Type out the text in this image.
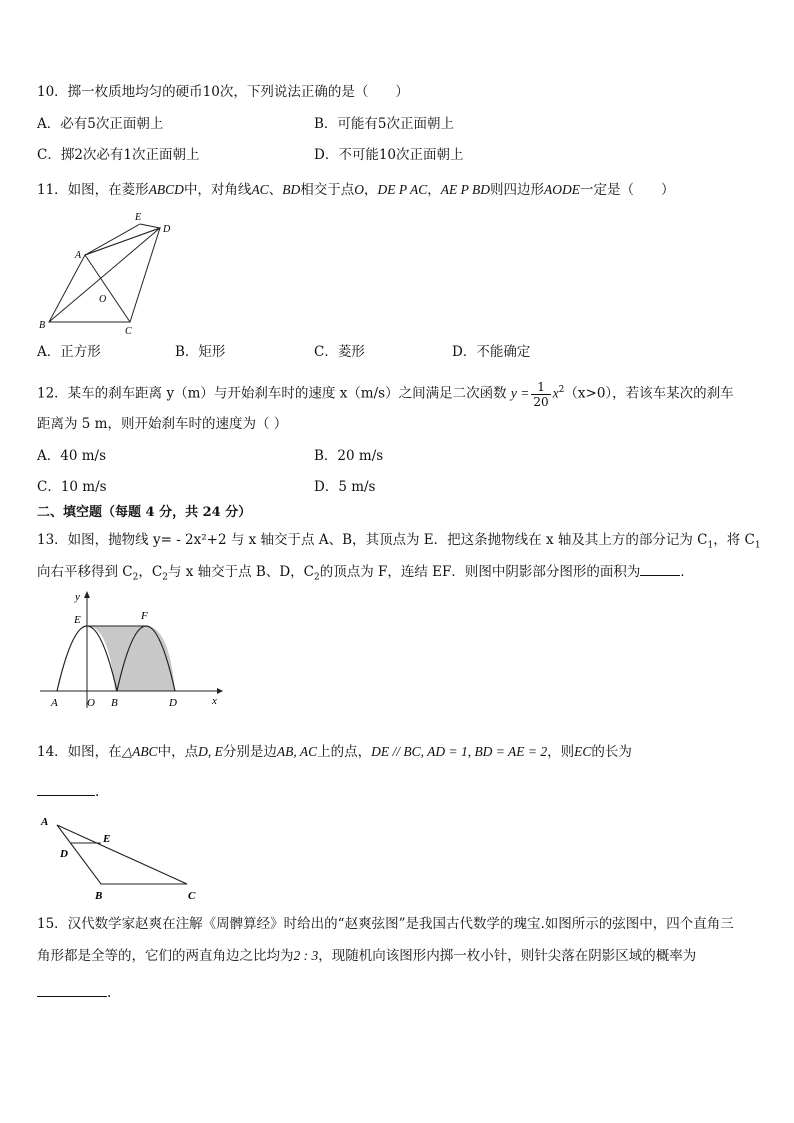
10．掷一枚质地均匀的硬币10次，下列说法正确的是（　　）
A．必有5次正面朝上	B．可能有5次正面朝上
C．掷2次必有1次正面朝上	D．不可能10次正面朝上
11．如图，在菱形ABCD中，对角线AC、BD相交于点O，DE P AC，AE P BD则四边形AODE一定是（　　）
E
A
D
O
B
C
A．正方形	B．矩形	C．菱形	D．不能确定
12．某车的刹车距离 y（m）与开始刹车时的速度 x（m/s）之间满足二次函数 $y = \frac{1}{20} x^2(x>0)$，若该车某次的刹车
距离为 5 m，则开始刹车时的速度为（ ）
A．40 m/s	B．20 m/s
C．10 m/s	D．5 m/s
二、填空题（每题 4 分，共 24 分）
13．如图，抛物线 y= - 2x²+2 与 x 轴交于点 A、B，其顶点为 E．把这条抛物线在 x 轴及其上方的部分记为 $C_1$，将 $C_1$
向右平移得到 $C_2$，$C_2$与 x 轴交于点 B、D，$C_2$的顶点为 F，连结 EF．则图中阴影部分图形的面积为	．
y
x
E	F
A	O B	D
14．如图，在△ABC中，点D, E分别是边AB, AC上的点，DE // BC, AD = 1, BD = AE = 2，则EC的长为
.
A
E
D
B	C
15．汉代数学家赵爽在注解《周髀算经》时给出的“赵爽弦图”是我国古代数学的瑰宝.如图所示的弦图中，四个直角三
角形都是全等的，它们的两直角边之比均为2 : 3，现随机向该图形内掷一枚小针，则针尖落在阴影区域的概率为
.
